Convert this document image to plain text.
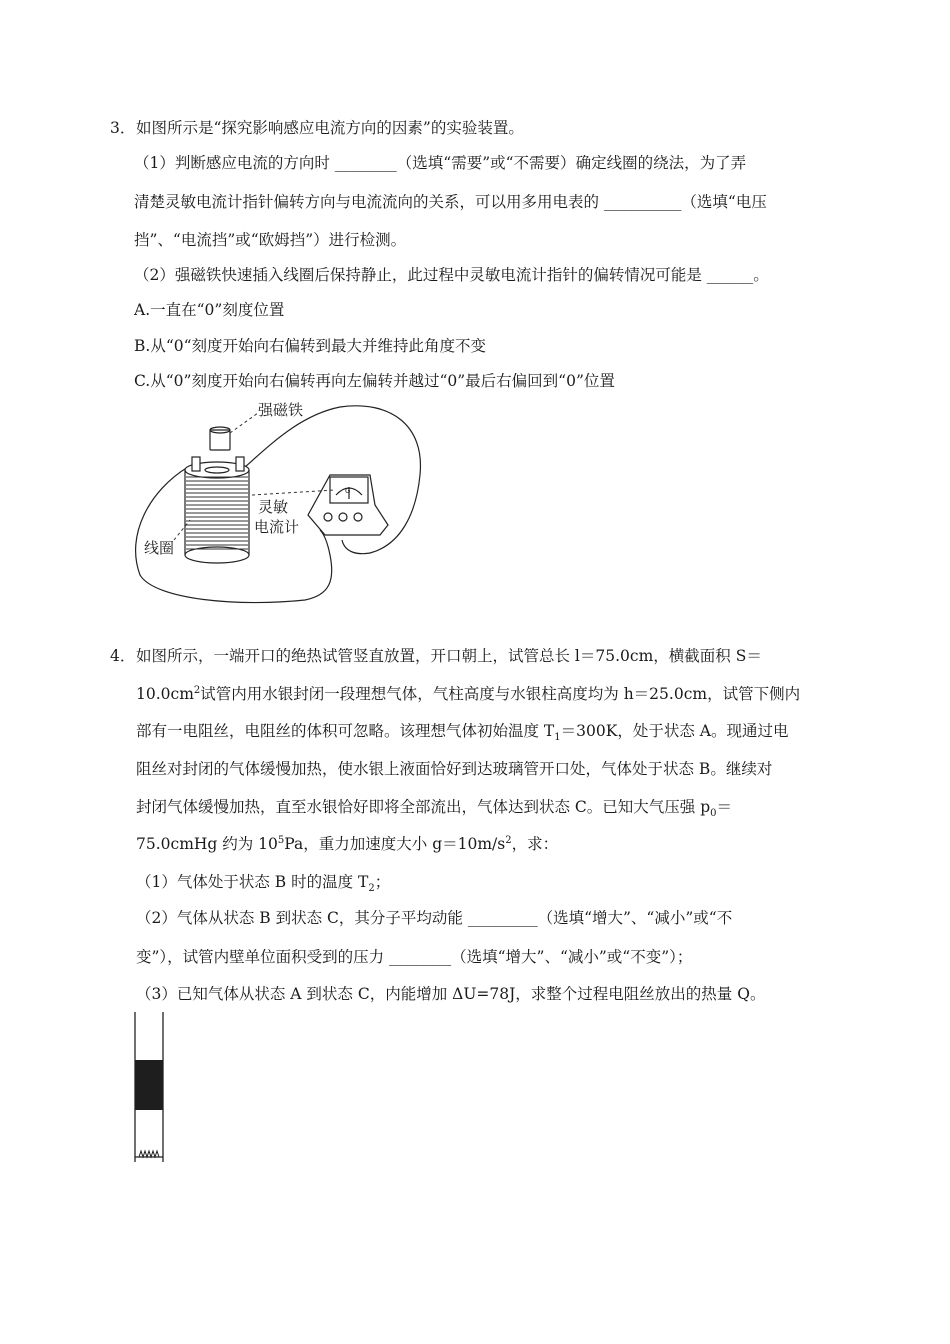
3．如图所示是“探究影响感应电流方向的因素”的实验装置。
（1）判断感应电流的方向时 ________（选填“需要”或“不需要）确定线圈的绕法，为了弄
清楚灵敏电流计指针偏转方向与电流流向的关系，可以用多用电表的 __________（选填“电压
挡”、“电流挡”或“欧姆挡”）进行检测。
（2）强磁铁快速插入线圈后保持静止，此过程中灵敏电流计指针的偏转情况可能是 ______。
A.一直在“0”刻度位置
B.从“0“刻度开始向右偏转到最大并维持此角度不变
C.从“0”刻度开始向右偏转再向左偏转并越过“0”最后右偏回到“0”位置
强磁铁
灵敏
电流计
线圈
G
4．如图所示，一端开口的绝热试管竖直放置，开口朝上，试管总长 l＝75.0cm，横截面积 S＝
$10.0cm^2$试管内用水银封闭一段理想气体，气柱高度与水银柱高度均为 h＝25.0cm，试管下侧内
部有一电阻丝，电阻丝的体积可忽略。该理想气体初始温度 $T_1=300K$，处于状态 A。现通过电
阻丝对封闭的气体缓慢加热，使水银上液面恰好到达玻璃管开口处，气体处于状态 B。继续对
封闭气体缓慢加热，直至水银恰好即将全部流出，气体达到状态 C。已知大气压强 $p_0=$
75.0cmHg 约为 $10^5Pa$，重力加速度大小 $g=10m/s^2$，求：
（1）气体处于状态 B 时的温度 $T_2$；
（2）气体从状态 B 到状态 C，其分子平均动能 _________（选填“增大”、“减小”或“不
变”），试管内壁单位面积受到的压力 ________（选填“增大”、“减小”或“不变”）；
（3）已知气体从状态 A 到状态 C，内能增加 ΔU=78J，求整个过程电阻丝放出的热量 Q。
